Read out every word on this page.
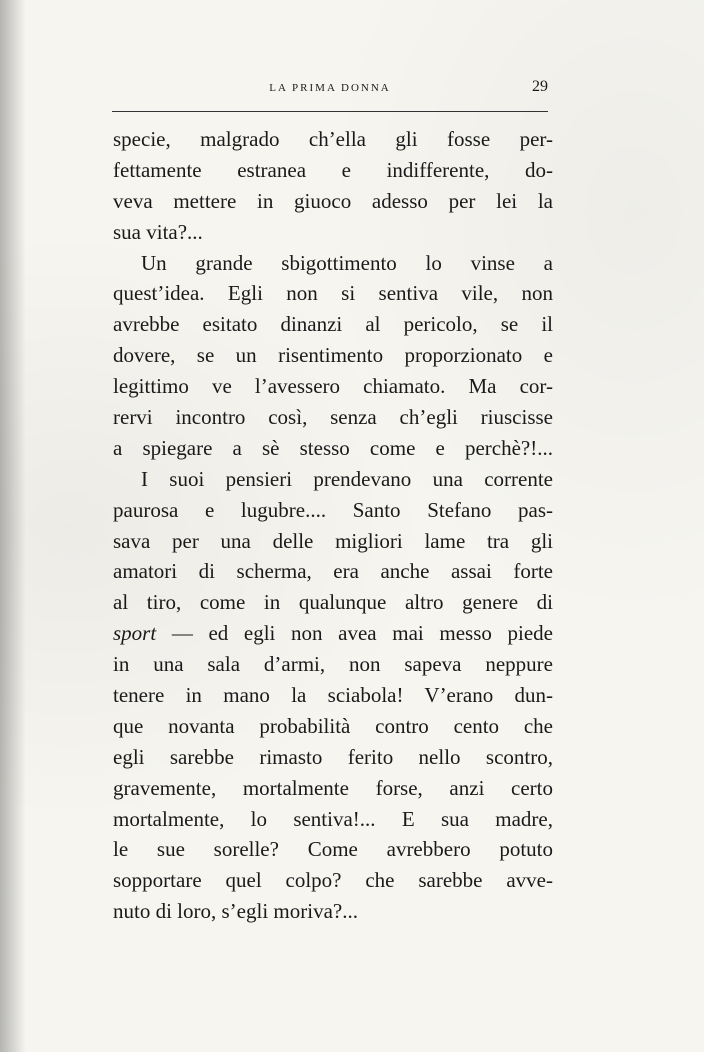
LA PRIMA DONNA	29
specie, malgrado ch’ella gli fosse per-
fettamente estranea e indifferente, do-
veva mettere in giuoco adesso per lei la
sua vita?...
Un grande sbigottimento lo vinse a
quest’idea. Egli non si sentiva vile, non
avrebbe esitato dinanzi al pericolo, se il
dovere, se un risentimento proporzionato e
legittimo ve l’avessero chiamato. Ma cor-
rervi incontro così, senza ch’egli riuscisse
a spiegare a sè stesso come e perchè?!...
I suoi pensieri prendevano una corrente
paurosa e lugubre.... Santo Stefano pas-
sava per una delle migliori lame tra gli
amatori di scherma, era anche assai forte
al tiro, come in qualunque altro genere di
sport — ed egli non avea mai messo piede
in una sala d’armi, non sapeva neppure
tenere in mano la sciabola! V’erano dun-
que novanta probabilità contro cento che
egli sarebbe rimasto ferito nello scontro,
gravemente, mortalmente forse, anzi certo
mortalmente, lo sentiva!... E sua madre,
le sue sorelle? Come avrebbero potuto
sopportare quel colpo? che sarebbe avve-
nuto di loro, s’egli moriva?...
